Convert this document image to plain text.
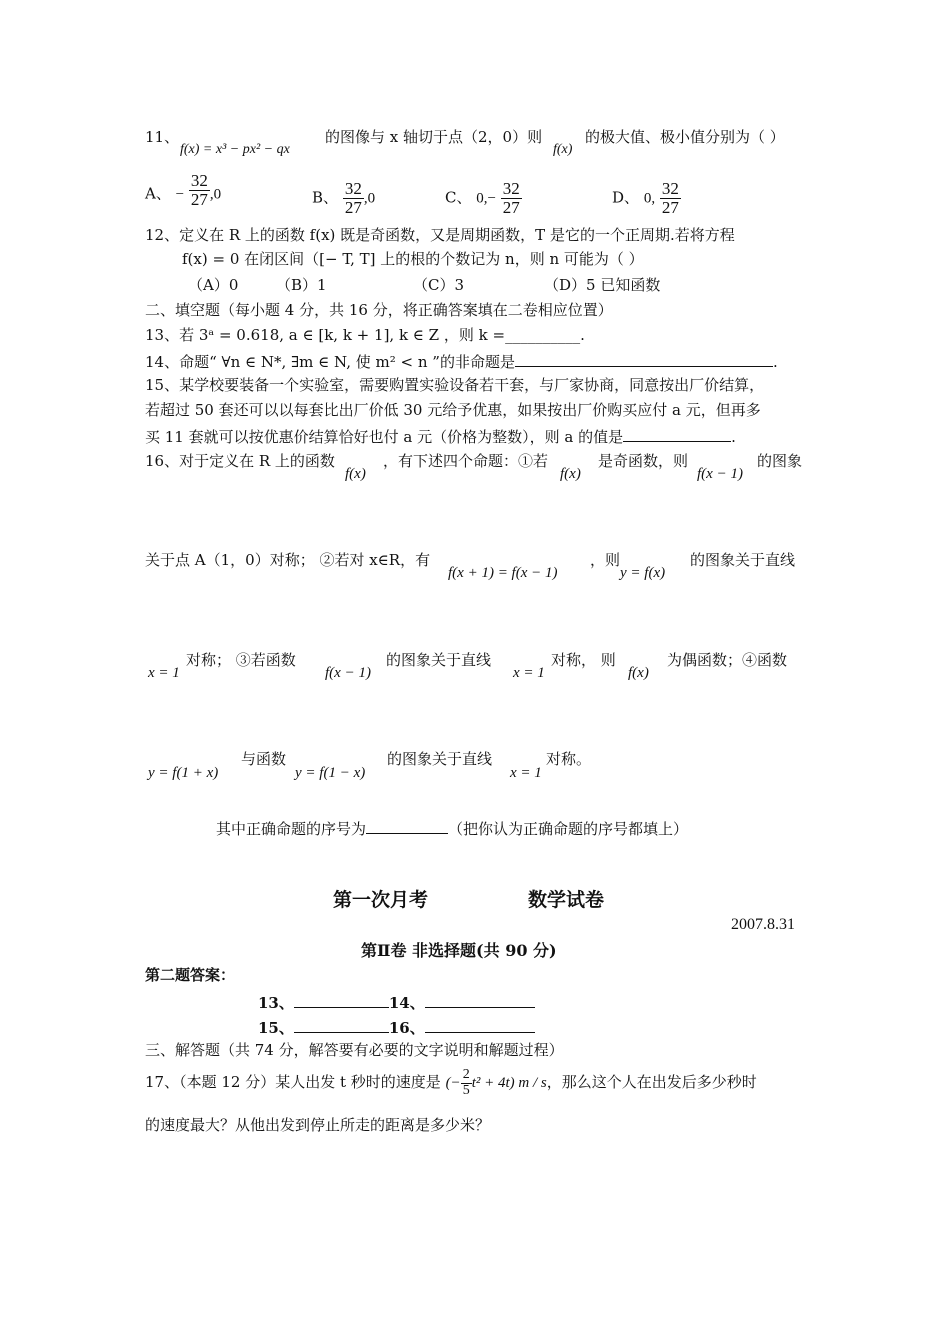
11、
f(x) = x³ − px² − qx
的图像与 x 轴切于点（2，0）则
f(x)
的极大值、极小值分别为（ ）
A、 − $\frac{32}{27} ,0$	B、 $\frac{32}{27} ,0$	C、 $0,- \frac{32}{27}$	D、 0, $\frac{32}{27}$
12、定义在 R 上的函数 f(x) 既是奇函数，又是周期函数，T 是它的一个正周期.若将方程
f(x) = 0 在闭区间（[− T, T] 上的根的个数记为 n，则 n 可能为（ ）
（A）0	（B）1	（C）3	（D）5 已知函数
二、填空题（每小题 4 分，共 16 分，将正确答案填在二卷相应位置）
13、若 3ᵃ = 0.618, a ∈ [k, k + 1], k ∈ Z ，则 k =__________.
14、命题“ ∀n ∈ N*, ∃m ∈ N, 使 m² < n ”的非命题是	.
15、某学校要装备一个实验室，需要购置实验设备若干套，与厂家协商，同意按出厂价结算，
若超过 50 套还可以以每套比出厂价低 30 元给予优惠，如果按出厂价购买应付 a 元，但再多
买 11 套就可以按优惠价结算恰好也付 a 元（价格为整数），则 a 的值是	.
16、对于定义在 R 上的函数
f(x)
，有下述四个命题：①若
f(x)
是奇函数，则
f(x − 1)
的图象
关于点 A（1，0）对称； ②若对 x∈R，有
f(x + 1) = f(x − 1)
，则
y = f(x)
的图象关于直线
x = 1
对称； ③若函数
f(x − 1)
的图象关于直线
x = 1
对称， 则
f(x)
为偶函数；④函数
y = f(1 + x)
与函数
y = f(1 − x)
的图象关于直线
x = 1
对称。
其中正确命题的序号为	（把你认为正确命题的序号都填上）
第一次月考	数学试卷
2007.8.31
第Ⅱ卷 非选择题(共 90 分)
第二题答案：
13、	14、
15、	16、
三、解答题（共 74 分，解答要有必要的文字说明和解题过程）
17、（本题 12 分）某人出发 t 秒时的速度是 (− $\frac{2}{5} t^2 + 4t$) m / s，那么这个人在出发后多少秒时
的速度最大？从他出发到停止所走的距离是多少米？
